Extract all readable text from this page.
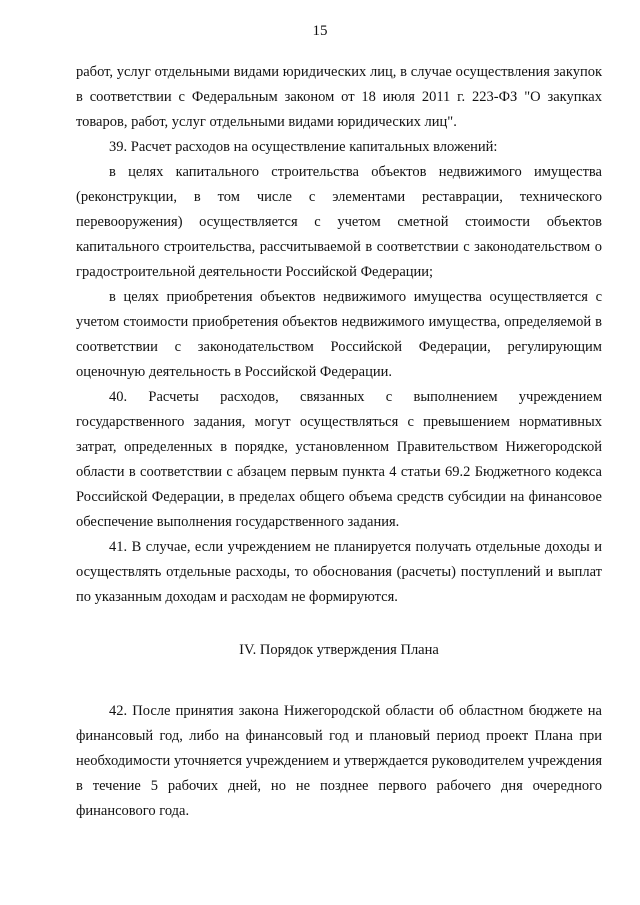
15

работ, услуг отдельными видами юридических лиц, в случае осуществления закупок в соответствии с Федеральным законом от 18 июля 2011 г. 223-ФЗ "О закупках товаров, работ, услуг отдельными видами юридических лиц".

39. Расчет расходов на осуществление капитальных вложений:

в целях капитального строительства объектов недвижимого имущества (реконструкции, в том числе с элементами реставрации, технического перевооружения) осуществляется с учетом сметной стоимости объектов капитального строительства, рассчитываемой в соответствии с законодательством о градостроительной деятельности Российской Федерации;

в целях приобретения объектов недвижимого имущества осуществляется с учетом стоимости приобретения объектов недвижимого имущества, определяемой в соответствии с законодательством Российской Федерации, регулирующим оценочную деятельность в Российской Федерации.

40. Расчеты расходов, связанных с выполнением учреждением государственного задания, могут осуществляться с превышением нормативных затрат, определенных в порядке, установленном Правительством Нижегородской области в соответствии с абзацем первым пункта 4 статьи 69.2 Бюджетного кодекса Российской Федерации, в пределах общего объема средств субсидии на финансовое обеспечение выполнения государственного задания.

41. В случае, если учреждением не планируется получать отдельные доходы и осуществлять отдельные расходы, то обоснования (расчеты) поступлений и выплат по указанным доходам и расходам не формируются.

IV. Порядок утверждения Плана

42. После принятия закона Нижегородской области об областном бюджете на финансовый год, либо на финансовый год и плановый период проект Плана при необходимости уточняется учреждением и утверждается руководителем учреждения в течение 5 рабочих дней, но не позднее первого рабочего дня очередного финансового года.
